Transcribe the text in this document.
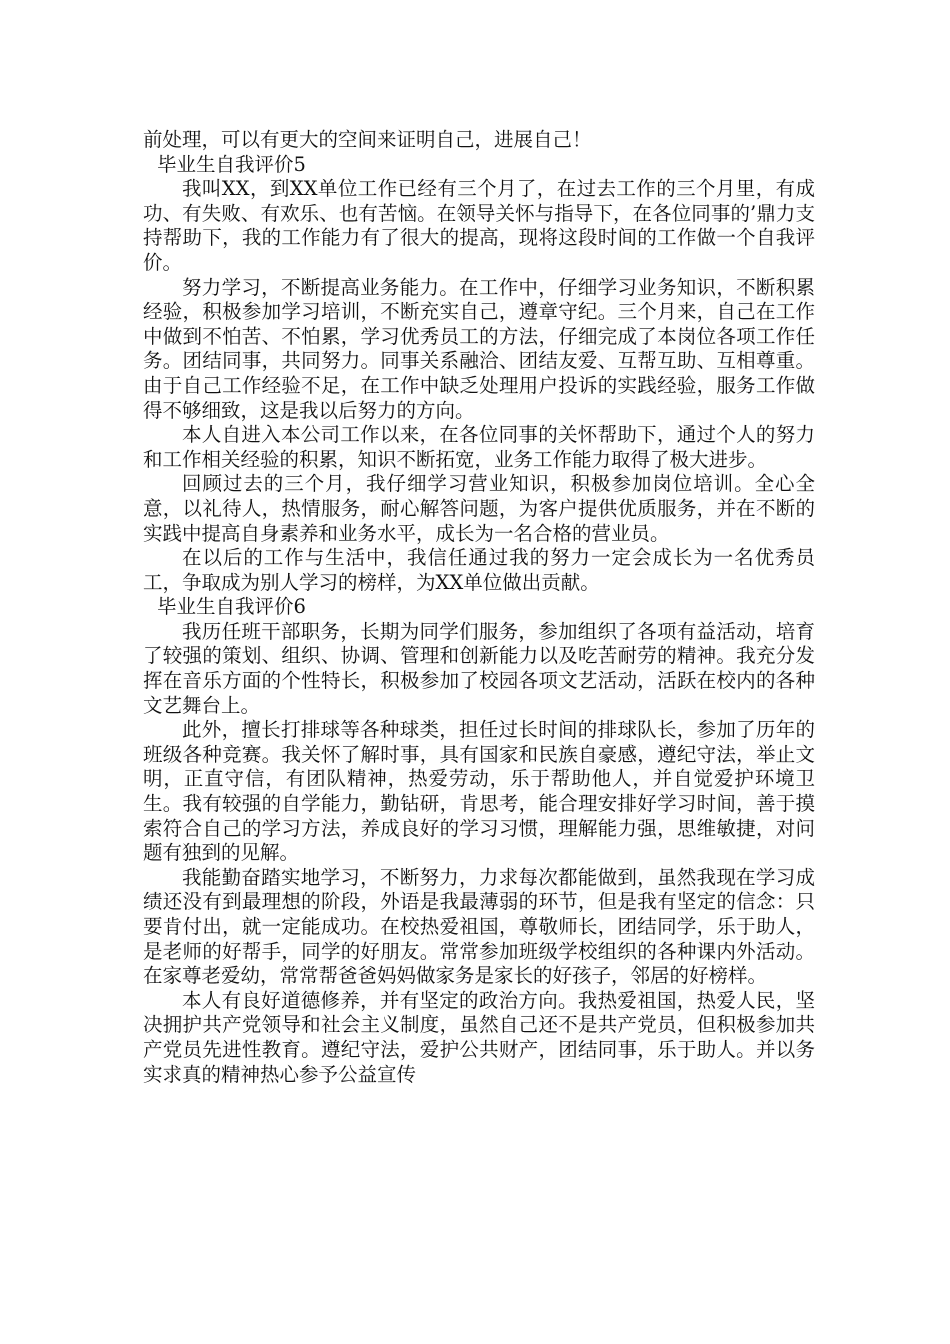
前处理，可以有更大的空间来证明自己，进展自己！

毕业生自我评价5

我叫XX，到XX单位工作已经有三个月了，在过去工作的三个月里，有成功、有失败、有欢乐、也有苦恼。在领导关怀与指导下，在各位同事的’鼎力支持帮助下，我的工作能力有了很大的提高，现将这段时间的工作做一个自我评价。

努力学习，不断提高业务能力。在工作中，仔细学习业务知识，不断积累经验，积极参加学习培训，不断充实自己，遵章守纪。三个月来，自己在工作中做到不怕苦、不怕累，学习优秀员工的方法，仔细完成了本岗位各项工作任务。团结同事，共同努力。同事关系融洽、团结友爱、互帮互助、互相尊重。由于自己工作经验不足，在工作中缺乏处理用户投诉的实践经验，服务工作做得不够细致，这是我以后努力的方向。

本人自进入本公司工作以来，在各位同事的关怀帮助下，通过个人的努力和工作相关经验的积累，知识不断拓宽，业务工作能力取得了极大进步。

回顾过去的三个月，我仔细学习营业知识，积极参加岗位培训。全心全意，以礼待人，热情服务，耐心解答问题，为客户提供优质服务，并在不断的实践中提高自身素养和业务水平，成长为一名合格的营业员。

在以后的工作与生活中，我信任通过我的努力一定会成长为一名优秀员工，争取成为别人学习的榜样，为XX单位做出贡献。

毕业生自我评价6

我历任班干部职务，长期为同学们服务，参加组织了各项有益活动，培育了较强的策划、组织、协调、管理和创新能力以及吃苦耐劳的精神。我充分发挥在音乐方面的个性特长，积极参加了校园各项文艺活动，活跃在校内的各种文艺舞台上。

此外，擅长打排球等各种球类，担任过长时间的排球队长，参加了历年的班级各种竞赛。我关怀了解时事，具有国家和民族自豪感，遵纪守法，举止文明，正直守信，有团队精神，热爱劳动，乐于帮助他人，并自觉爱护环境卫生。我有较强的自学能力，勤钻研，肯思考，能合理安排好学习时间，善于摸索符合自己的学习方法，养成良好的学习习惯，理解能力强，思维敏捷，对问题有独到的见解。

我能勤奋踏实地学习，不断努力，力求每次都能做到，虽然我现在学习成绩还没有到最理想的阶段，外语是我最薄弱的环节，但是我有坚定的信念：只要肯付出，就一定能成功。在校热爱祖国，尊敬师长，团结同学，乐于助人，是老师的好帮手，同学的好朋友。常常参加班级学校组织的各种课内外活动。在家尊老爱幼，常常帮爸爸妈妈做家务是家长的好孩子，邻居的好榜样。

本人有良好道德修养，并有坚定的政治方向。我热爱祖国，热爱人民，坚决拥护共产党领导和社会主义制度，虽然自己还不是共产党员，但积极参加共产党员先进性教育。遵纪守法，爱护公共财产，团结同事，乐于助人。并以务实求真的精神热心参予公益宣传
